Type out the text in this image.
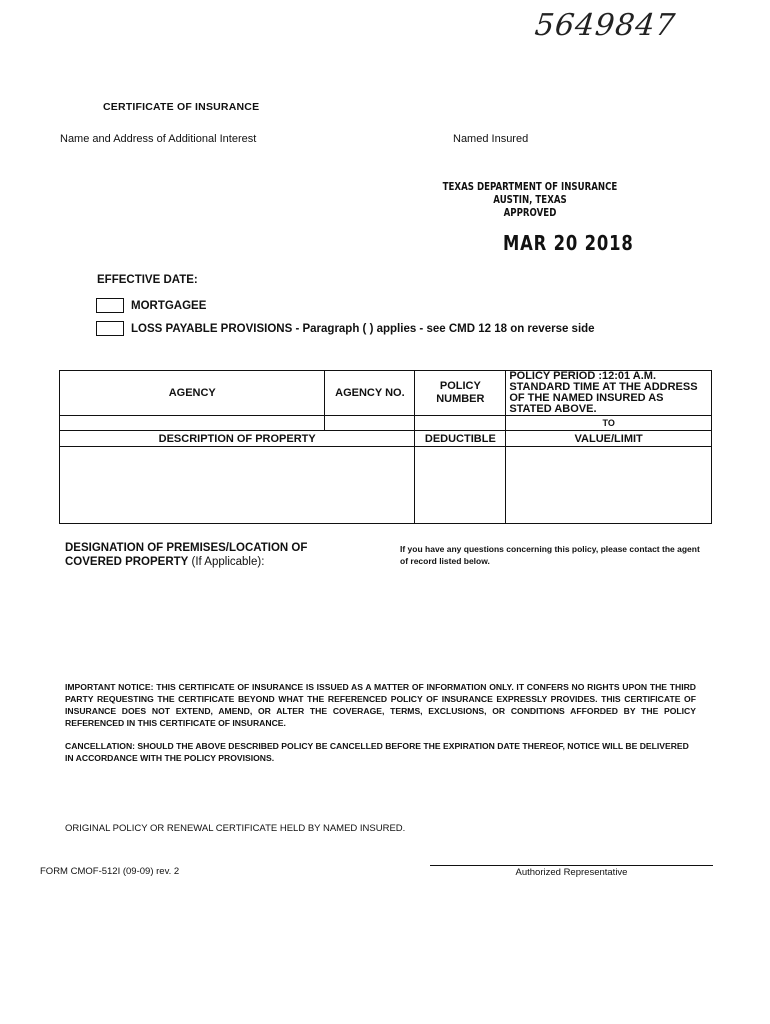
5649847
CERTIFICATE OF INSURANCE
Name and Address of Additional Interest	Named Insured
TEXAS DEPARTMENT OF INSURANCE
AUSTIN, TEXAS
APPROVED
MAR 20 2018
EFFECTIVE DATE:
MORTGAGEE
LOSS PAYABLE PROVISIONS - Paragraph ( ) applies - see CMD 12 18 on reverse side
AGENCY	AGENCY NO.	POLICY NUMBER	POLICY PERIOD :12:01 A.M. STANDARD TIME AT THE ADDRESS OF THE NAMED INSURED AS STATED ABOVE.
			TO
DESCRIPTION OF PROPERTY		DEDUCTIBLE	VALUE/LIMIT

DESIGNATION OF PREMISES/LOCATION OF COVERED PROPERTY (If Applicable):
If you have any questions concerning this policy, please contact the agent of record listed below.
IMPORTANT NOTICE: THIS CERTIFICATE OF INSURANCE IS ISSUED AS A MATTER OF INFORMATION ONLY. IT CONFERS NO RIGHTS UPON THE THIRD PARTY REQUESTING THE CERTIFICATE BEYOND WHAT THE REFERENCED POLICY OF INSURANCE EXPRESSLY PROVIDES. THIS CERTIFICATE OF INSURANCE DOES NOT EXTEND, AMEND, OR ALTER THE COVERAGE, TERMS, EXCLUSIONS, OR CONDITIONS AFFORDED BY THE POLICY REFERENCED IN THIS CERTIFICATE OF INSURANCE.
CANCELLATION: SHOULD THE ABOVE DESCRIBED POLICY BE CANCELLED BEFORE THE EXPIRATION DATE THEREOF, NOTICE WILL BE DELIVERED IN ACCORDANCE WITH THE POLICY PROVISIONS.
ORIGINAL POLICY OR RENEWAL CERTIFICATE HELD BY NAMED INSURED.
FORM CMOF-512I (09-09) rev. 2	Authorized Representative
